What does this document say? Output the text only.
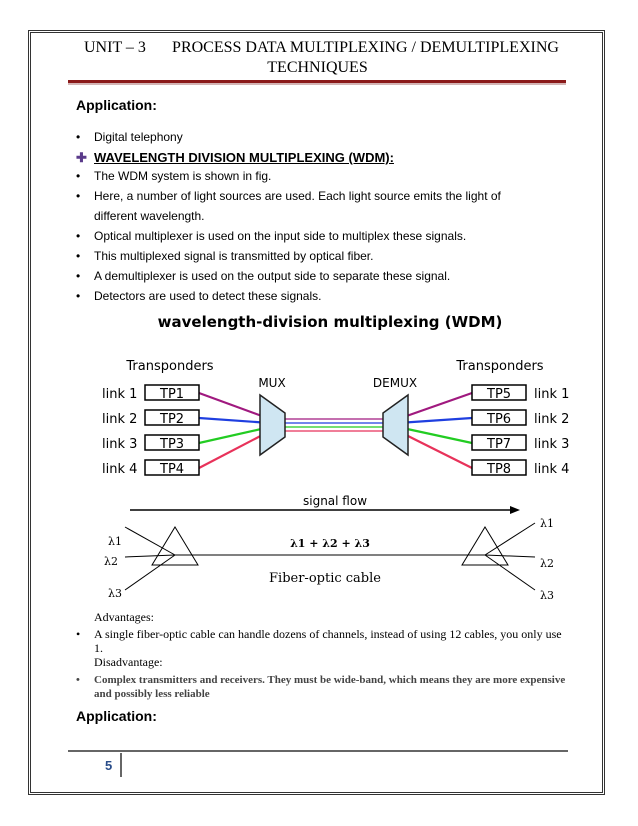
UNIT – 3	PROCESS DATA MULTIPLEXING / DEMULTIPLEXING
TECHNIQUES
Application:
• Digital telephony
✚ WAVELENGTH DIVISION MULTIPLEXING (WDM):
• The WDM system is shown in fig.
• Here, a number of light sources are used. Each light source emits the light of
different wavelength.
• Optical multiplexer is used on the input side to multiplex these signals.
• This multiplexed signal is transmitted by optical fiber.
• A demultiplexer is used on the output side to separate these signal.
• Detectors are used to detect these signals.
wavelength-division multiplexing (WDM)
Transponders	Transponders
MUX	DEMUX
link 1
link 2
link 3
link 4
TP1
TP2
TP3
TP4
TP5
TP6
TP7
TP8
link 1
link 2
link 3
link 4
signal flow
λ1
λ2
λ3
λ1
λ2
λ3
λ1 + λ2 + λ3
Fiber-optic cable
Advantages:
•	A single fiber-optic cable can handle dozens of channels, instead of using 12 cables, you only use 1.
Disadvantage:
•	Complex transmitters and receivers. They must be wide-band, which means they are more expensive and possibly less reliable
Application:
5
